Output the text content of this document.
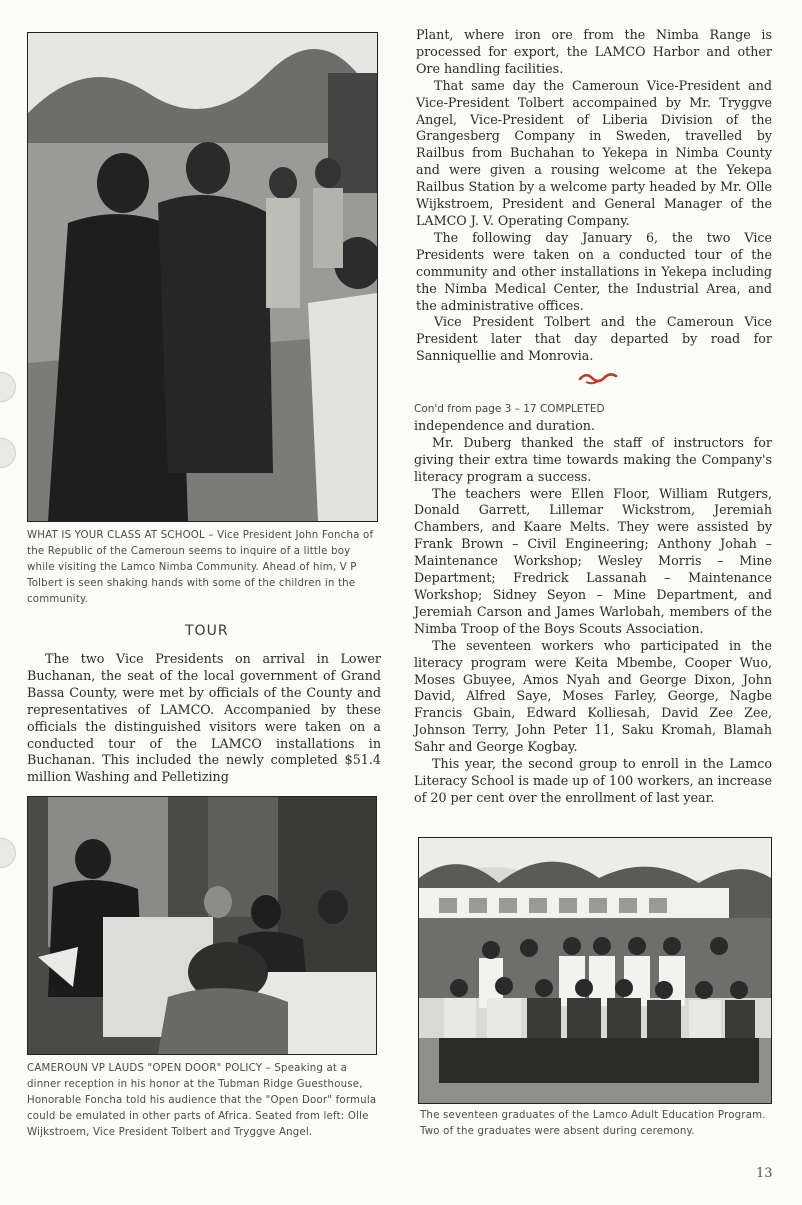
WHAT IS YOUR CLASS AT SCHOOL – Vice President John Foncha of the Republic of the Cameroun seems to inquire of a little boy while visiting the Lamco Nimba Community. Ahead of him, V P Tolbert is seen shaking hands with some of the children in the community.
TOUR

The two Vice Presidents on arrival in Lower Buchanan, the seat of the local government of Grand Bassa County, were met by officials of the County and representatives of LAMCO. Accompanied by these officials the distinguished visitors were taken on a conducted tour of the LAMCO installations in Buchanan. This included the newly completed $51.4 million Washing and Pelletizing

CAMEROUN VP LAUDS "OPEN DOOR" POLICY – Speaking at a dinner reception in his honor at the Tubman Ridge Guesthouse, Honorable Foncha told his audience that the "Open Door" formula could be emulated in other parts of Africa. Seated from left: Olle Wijkstroem, Vice President Tolbert and Tryggve Angel.

Plant, where iron ore from the Nimba Range is processed for export, the LAMCO Harbor and other Ore handling facilities.

That same day the Cameroun Vice-President and Vice-President Tolbert accompained by Mr. Tryggve Angel, Vice-President of Liberia Division of the Grangesberg Company in Sweden, travelled by Railbus from Buchahan to Yekepa in Nimba County and were given a rousing welcome at the Yekepa Railbus Station by a welcome party headed by Mr. Olle Wijkstroem, President and General Manager of the LAMCO J. V. Operating Company.

The following day January 6, the two Vice Presidents were taken on a conducted tour of the community and other installations in Yekepa including the Nimba Medical Center, the Industrial Area, and the administrative offices.

Vice President Tolbert and the Cameroun Vice President later that day departed by road for Sanniquellie and Monrovia.

Con'd from page 3 – 17 COMPLETED

independence and duration.

Mr. Duberg thanked the staff of instructors for giving their extra time towards making the Company's literacy program a success.

The teachers were Ellen Floor, William Rutgers, Donald Garrett, Lillemar Wickstrom, Jeremiah Chambers, and Kaare Melts. They were assisted by Frank Brown – Civil Engineering; Anthony Johah – Maintenance Workshop; Wesley Morris – Mine Department; Fredrick Lassanah – Maintenance Workshop; Sidney Seyon – Mine Department, and Jeremiah Carson and James Warlobah, members of the Nimba Troop of the Boys Scouts Association.

The seventeen workers who participated in the literacy program were Keita Mbembe, Cooper Wuo, Moses Gbuyee, Amos Nyah and George Dixon, John David, Alfred Saye, Moses Farley, George, Nagbe Francis Gbain, Edward Kolliesah, David Zee Zee, Johnson Terry, John Peter 11, Saku Kromah, Blamah Sahr and George Kogbay.

This year, the second group to enroll in the Lamco Literacy School is made up of 100 workers, an increase of 20 per cent over the enrollment of last year.

The seventeen graduates of the Lamco Adult Education Program. Two of the graduates were absent during ceremony.
13
